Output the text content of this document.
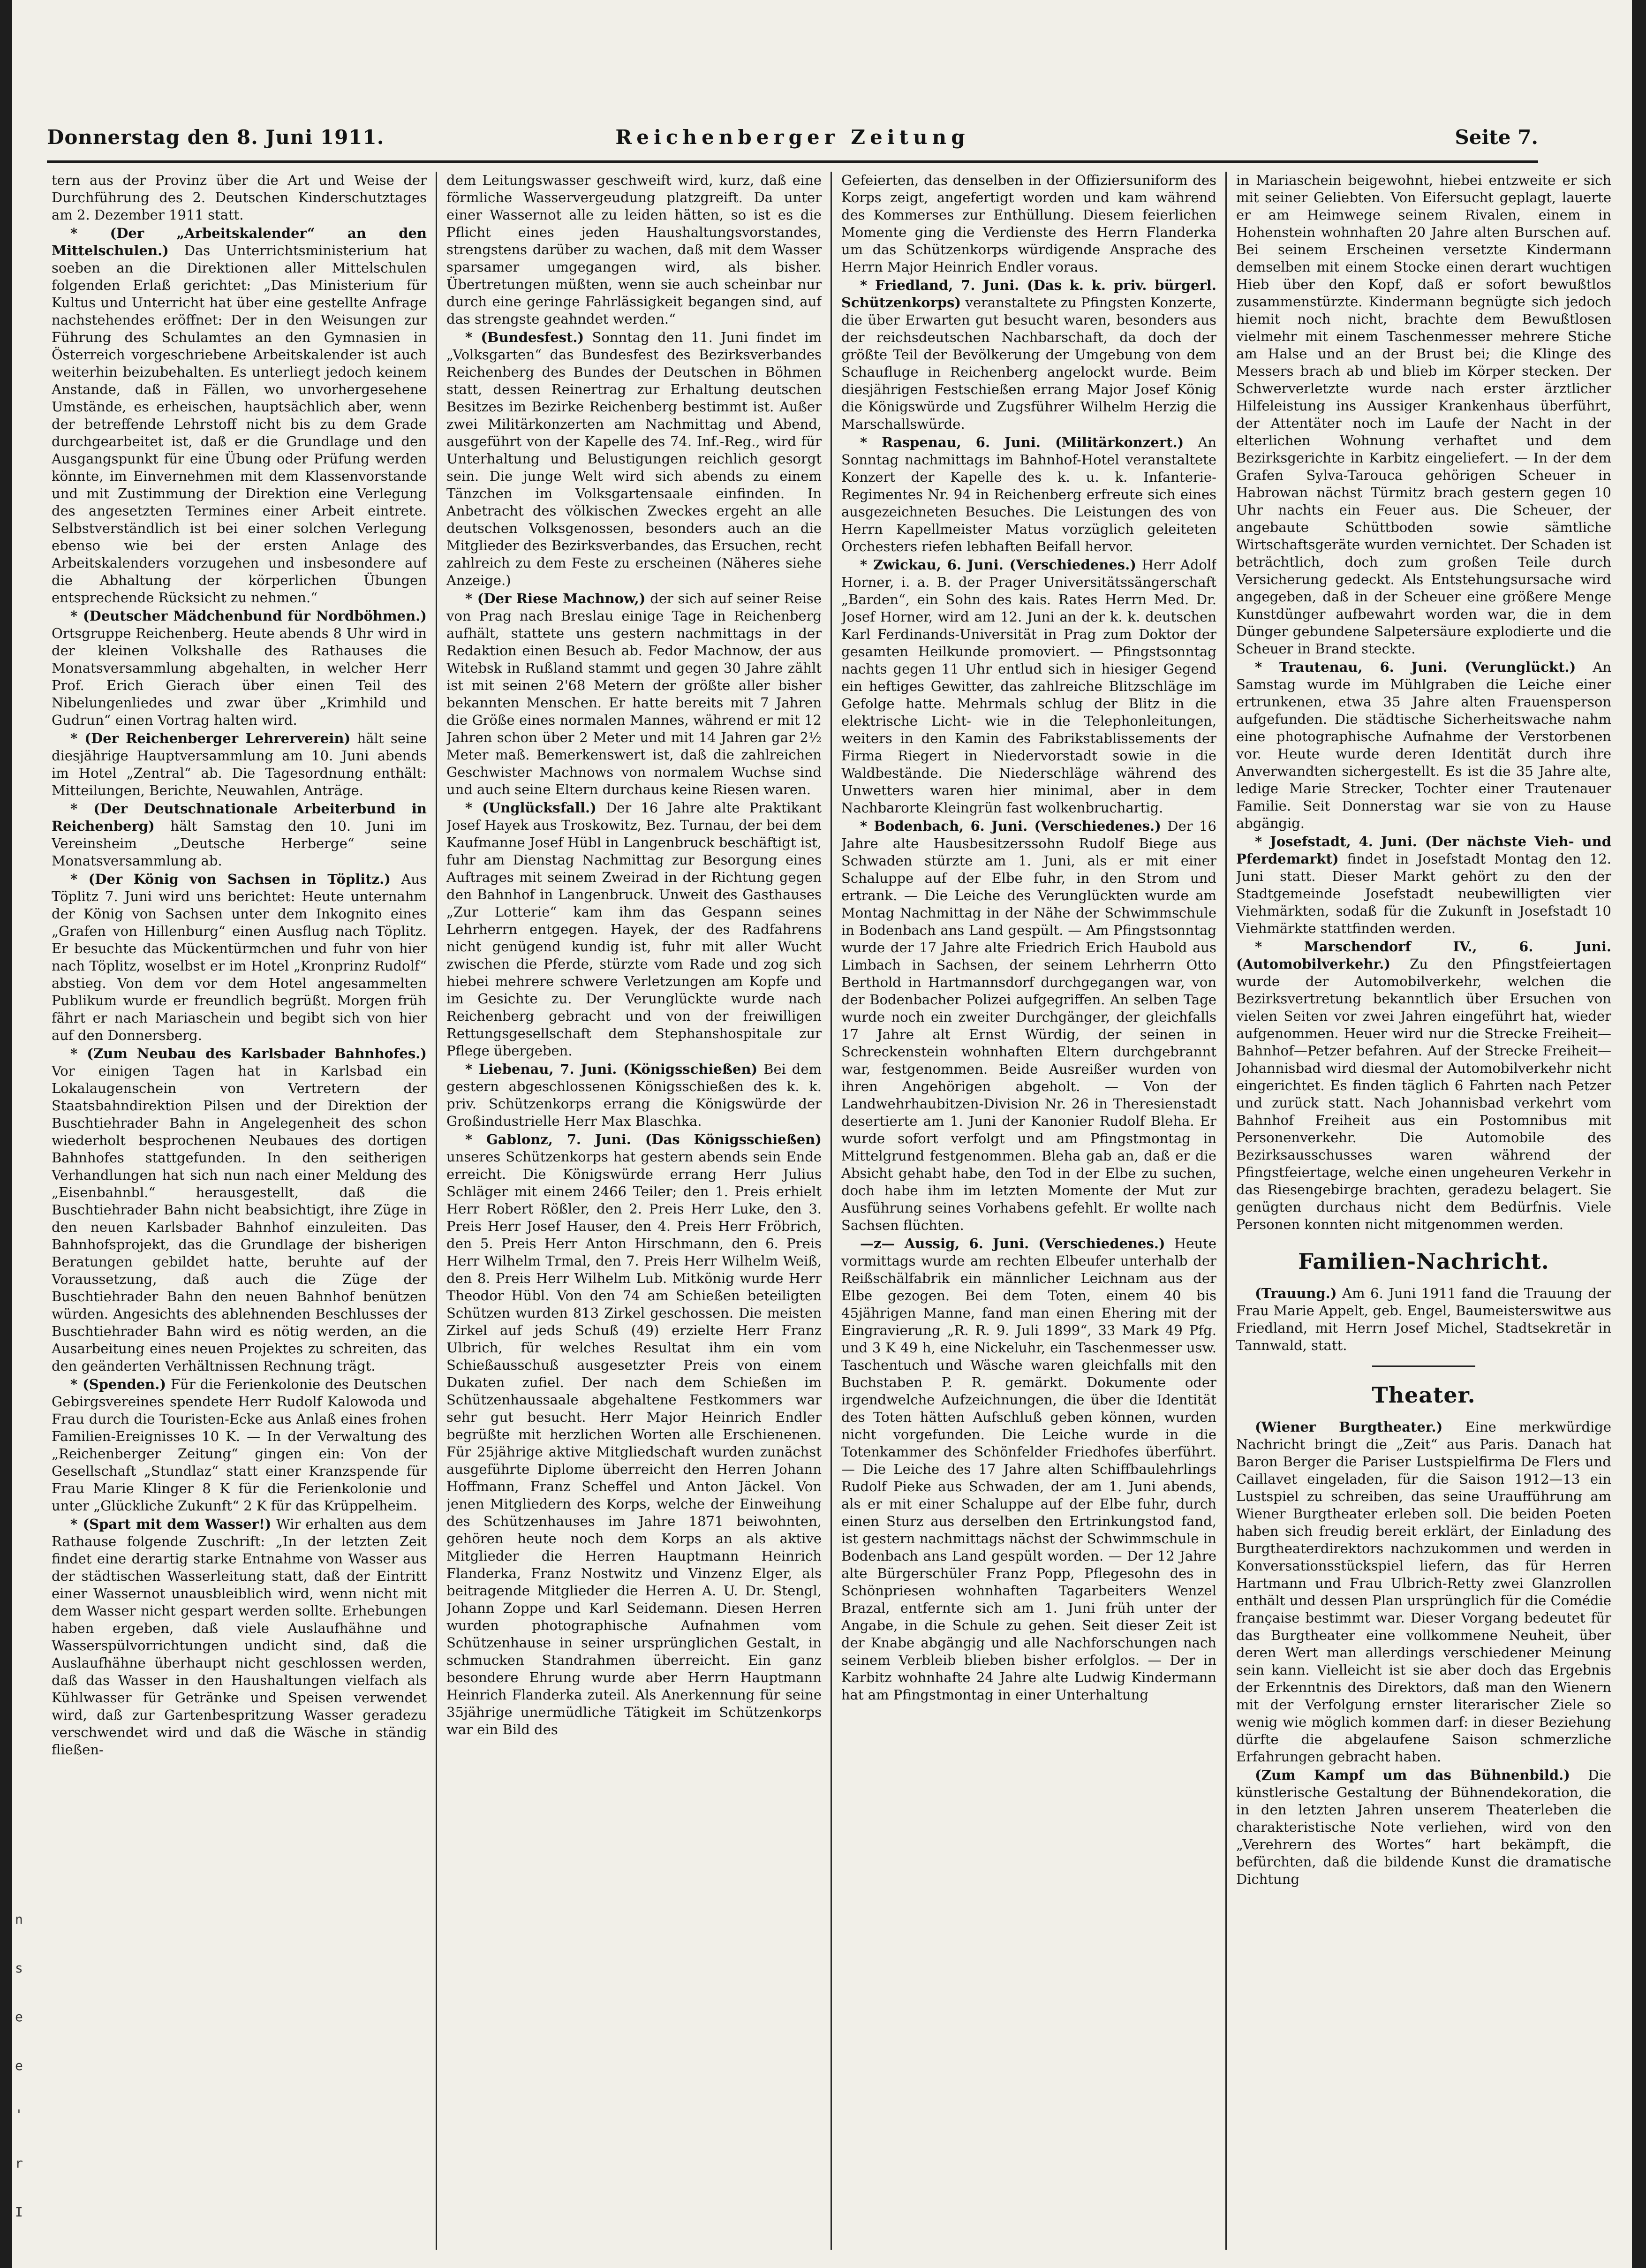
Donnerstag den 8. Juni 1911.	Reichenberger Zeitung	Seite 7.

tern aus der Provinz über die Art und Weise der Durchführung des 2. Deutschen Kinderschutztages am 2. Dezember 1911 statt.

* (Der „Arbeitskalender“ an den Mittelschulen.) Das Unterrichtsministerium hat soeben an die Direktionen aller Mittelschulen folgenden Erlaß gerichtet: „Das Ministerium für Kultus und Unterricht hat über eine gestellte Anfrage nachstehendes eröffnet: Der in den Weisungen zur Führung des Schulamtes an den Gymnasien in Österreich vorgeschriebene Arbeitskalender ist auch weiterhin beizubehalten. Es unterliegt jedoch keinem Anstande, daß in Fällen, wo unvorhergesehene Umstände, es erheischen, hauptsächlich aber, wenn der betreffende Lehrstoff nicht bis zu dem Grade durchgearbeitet ist, daß er die Grundlage und den Ausgangspunkt für eine Übung oder Prüfung werden könnte, im Einvernehmen mit dem Klassenvorstande und mit Zustimmung der Direktion eine Verlegung des angesetzten Termines einer Arbeit eintrete. Selbstverständlich ist bei einer solchen Verlegung ebenso wie bei der ersten Anlage des Arbeitskalenders vorzugehen und insbesondere auf die Abhaltung der körperlichen Übungen entsprechende Rücksicht zu nehmen.“

* (Deutscher Mädchenbund für Nordböhmen.) Ortsgruppe Reichenberg. Heute abends 8 Uhr wird in der kleinen Volkshalle des Rathauses die Monatsversammlung abgehalten, in welcher Herr Prof. Erich Gierach über einen Teil des Nibelungenliedes und zwar über „Krimhild und Gudrun“ einen Vortrag halten wird.

* (Der Reichenberger Lehrerverein) hält seine diesjährige Hauptversammlung am 10. Juni abends im Hotel „Zentral“ ab. Die Tagesordnung enthält: Mitteilungen, Berichte, Neuwahlen, Anträge.

* (Der Deutschnationale Arbeiterbund in Reichenberg) hält Samstag den 10. Juni im Vereinsheim „Deutsche Herberge“ seine Monatsversammlung ab.

* (Der König von Sachsen in Töplitz.) Aus Töplitz 7. Juni wird uns berichtet: Heute unternahm der König von Sachsen unter dem Inkognito eines „Grafen von Hillenburg“ einen Ausflug nach Töplitz. Er besuchte das Mückentürmchen und fuhr von hier nach Töplitz, woselbst er im Hotel „Kronprinz Rudolf“ abstieg. Von dem vor dem Hotel angesammelten Publikum wurde er freundlich begrüßt. Morgen früh fährt er nach Mariaschein und begibt sich von hier auf den Donnersberg.

* (Zum Neubau des Karlsbader Bahnhofes.) Vor einigen Tagen hat in Karlsbad ein Lokalaugenschein von Vertretern der Staatsbahndirektion Pilsen und der Direktion der Buschtiehrader Bahn in Angelegenheit des schon wiederholt besprochenen Neubaues des dortigen Bahnhofes stattgefunden. In den seitherigen Verhandlungen hat sich nun nach einer Meldung des „Eisenbahnbl.“ herausgestellt, daß die Buschtiehrader Bahn nicht beabsichtigt, ihre Züge in den neuen Karlsbader Bahnhof einzuleiten. Das Bahnhofsprojekt, das die Grundlage der bisherigen Beratungen gebildet hatte, beruhte auf der Voraussetzung, daß auch die Züge der Buschtiehrader Bahn den neuen Bahnhof benützen würden. Angesichts des ablehnenden Beschlusses der Buschtiehrader Bahn wird es nötig werden, an die Ausarbeitung eines neuen Projektes zu schreiten, das den geänderten Verhältnissen Rechnung trägt.

* (Spenden.) Für die Ferienkolonie des Deutschen Gebirgsvereines spendete Herr Rudolf Kalowoda und Frau durch die Touristen-Ecke aus Anlaß eines frohen Familien-Ereignisses 10 K. — In der Verwaltung des „Reichenberger Zeitung“ gingen ein: Von der Gesellschaft „Stundlaz“ statt einer Kranzspende für Frau Marie Klinger 8 K für die Ferienkolonie und unter „Glückliche Zukunft“ 2 K für das Krüppelheim.

* (Spart mit dem Wasser!) Wir erhalten aus dem Rathause folgende Zuschrift: „In der letzten Zeit findet eine derartig starke Entnahme von Wasser aus der städtischen Wasserleitung statt, daß der Eintritt einer Wassernot unausbleiblich wird, wenn nicht mit dem Wasser nicht gespart werden sollte. Erhebungen haben ergeben, daß viele Auslaufhähne und Wasserspülvorrichtungen undicht sind, daß die Auslaufhähne überhaupt nicht geschlossen werden, daß das Wasser in den Haushaltungen vielfach als Kühlwasser für Getränke und Speisen verwendet wird, daß zur Gartenbespritzung Wasser geradezu verschwendet wird und daß die Wäsche in ständig fließen-

dem Leitungswasser geschweift wird, kurz, daß eine förmliche Wasservergeudung platzgreift. Da unter einer Wassernot alle zu leiden hätten, so ist es die Pflicht eines jeden Haushaltungsvorstandes, strengstens darüber zu wachen, daß mit dem Wasser sparsamer umgegangen wird, als bisher. Übertretungen müßten, wenn sie auch scheinbar nur durch eine geringe Fahrlässigkeit begangen sind, auf das strengste geahndet werden.“

* (Bundesfest.) Sonntag den 11. Juni findet im „Volksgarten“ das Bundesfest des Bezirksverbandes Reichenberg des Bundes der Deutschen in Böhmen statt, dessen Reinertrag zur Erhaltung deutschen Besitzes im Bezirke Reichenberg bestimmt ist. Außer zwei Militärkonzerten am Nachmittag und Abend, ausgeführt von der Kapelle des 74. Inf.-Reg., wird für Unterhaltung und Belustigungen reichlich gesorgt sein. Die junge Welt wird sich abends zu einem Tänzchen im Volksgartensaale einfinden. In Anbetracht des völkischen Zweckes ergeht an alle deutschen Volksgenossen, besonders auch an die Mitglieder des Bezirksverbandes, das Ersuchen, recht zahlreich zu dem Feste zu erscheinen (Näheres siehe Anzeige.)

* (Der Riese Machnow,) der sich auf seiner Reise von Prag nach Breslau einige Tage in Reichenberg aufhält, stattete uns gestern nachmittags in der Redaktion einen Besuch ab. Fedor Machnow, der aus Witebsk in Rußland stammt und gegen 30 Jahre zählt ist mit seinen 2'68 Metern der größte aller bisher bekannten Menschen. Er hatte bereits mit 7 Jahren die Größe eines normalen Mannes, während er mit 12 Jahren schon über 2 Meter und mit 14 Jahren gar 2½ Meter maß. Bemerkenswert ist, daß die zahlreichen Geschwister Machnows von normalem Wuchse sind und auch seine Eltern durchaus keine Riesen waren.

* (Unglücksfall.) Der 16 Jahre alte Praktikant Josef Hayek aus Troskowitz, Bez. Turnau, der bei dem Kaufmanne Josef Hübl in Langenbruck beschäftigt ist, fuhr am Dienstag Nachmittag zur Besorgung eines Auftrages mit seinem Zweirad in der Richtung gegen den Bahnhof in Langenbruck. Unweit des Gasthauses „Zur Lotterie“ kam ihm das Gespann seines Lehrherrn entgegen. Hayek, der des Radfahrens nicht genügend kundig ist, fuhr mit aller Wucht zwischen die Pferde, stürzte vom Rade und zog sich hiebei mehrere schwere Verletzungen am Kopfe und im Gesichte zu. Der Verunglückte wurde nach Reichenberg gebracht und von der freiwilligen Rettungsgesellschaft dem Stephanshospitale zur Pflege übergeben.

* Liebenau, 7. Juni. (Königsschießen) Bei dem gestern abgeschlossenen Königsschießen des k. k. priv. Schützenkorps errang die Königswürde der Großindustrielle Herr Max Blaschka.

* Gablonz, 7. Juni. (Das Königsschießen) unseres Schützenkorps hat gestern abends sein Ende erreicht. Die Königswürde errang Herr Julius Schläger mit einem 2466 Teiler; den 1. Preis erhielt Herr Robert Rößler, den 2. Preis Herr Luke, den 3. Preis Herr Josef Hauser, den 4. Preis Herr Fröbrich, den 5. Preis Herr Anton Hirschmann, den 6. Preis Herr Wilhelm Trmal, den 7. Preis Herr Wilhelm Weiß, den 8. Preis Herr Wilhelm Lub. Mitkönig wurde Herr Theodor Hübl. Von den 74 am Schießen beteiligten Schützen wurden 813 Zirkel geschossen. Die meisten Zirkel auf jeds Schuß (49) erzielte Herr Franz Ulbrich, für welches Resultat ihm ein vom Schießausschuß ausgesetzter Preis von einem Dukaten zufiel. Der nach dem Schießen im Schützenhaussaale abgehaltene Festkommers war sehr gut besucht. Herr Major Heinrich Endler begrüßte mit herzlichen Worten alle Erschienenen. Für 25jährige aktive Mitgliedschaft wurden zunächst ausgeführte Diplome überreicht den Herren Johann Hoffmann, Franz Scheffel und Anton Jäckel. Von jenen Mitgliedern des Korps, welche der Einweihung des Schützenhauses im Jahre 1871 beiwohnten, gehören heute noch dem Korps an als aktive Mitglieder die Herren Hauptmann Heinrich Flanderka, Franz Nostwitz und Vinzenz Elger, als beitragende Mitglieder die Herren A. U. Dr. Stengl, Johann Zoppe und Karl Seidemann. Diesen Herren wurden photographische Aufnahmen vom Schützenhause in seiner ursprünglichen Gestalt, in schmucken Standrahmen überreicht. Ein ganz besondere Ehrung wurde aber Herrn Hauptmann Heinrich Flanderka zuteil. Als Anerkennung für seine 35jährige unermüdliche Tätigkeit im Schützenkorps war ein Bild des

Gefeierten, das denselben in der Offiziersuniform des Korps zeigt, angefertigt worden und kam während des Kommerses zur Enthüllung. Diesem feierlichen Momente ging die Verdienste des Herrn Flanderka um das Schützenkorps würdigende Ansprache des Herrn Major Heinrich Endler voraus.

* Friedland, 7. Juni. (Das k. k. priv. bürgerl. Schützenkorps) veranstaltete zu Pfingsten Konzerte, die über Erwarten gut besucht waren, besonders aus der reichsdeutschen Nachbarschaft, da doch der größte Teil der Bevölkerung der Umgebung von dem Schaufluge in Reichenberg angelockt wurde. Beim diesjährigen Festschießen errang Major Josef König die Königswürde und Zugsführer Wilhelm Herzig die Marschallswürde.

* Raspenau, 6. Juni. (Militärkonzert.) An Sonntag nachmittags im Bahnhof-Hotel veranstaltete Konzert der Kapelle des k. u. k. Infanterie-Regimentes Nr. 94 in Reichenberg erfreute sich eines ausgezeichneten Besuches. Die Leistungen des von Herrn Kapellmeister Matus vorzüglich geleiteten Orchesters riefen lebhaften Beifall hervor.

* Zwickau, 6. Juni. (Verschiedenes.) Herr Adolf Horner, i. a. B. der Prager Universitätssängerschaft „Barden“, ein Sohn des kais. Rates Herrn Med. Dr. Josef Horner, wird am 12. Juni an der k. k. deutschen Karl Ferdinands-Universität in Prag zum Doktor der gesamten Heilkunde promoviert. — Pfingstsonntag nachts gegen 11 Uhr entlud sich in hiesiger Gegend ein heftiges Gewitter, das zahlreiche Blitzschläge im Gefolge hatte. Mehrmals schlug der Blitz in die elektrische Licht- wie in die Telephonleitungen, weiters in den Kamin des Fabrikstablissements der Firma Riegert in Niedervorstadt sowie in die Waldbestände. Die Niederschläge während des Unwetters waren hier minimal, aber in dem Nachbarorte Kleingrün fast wolkenbruchartig.

* Bodenbach, 6. Juni. (Verschiedenes.) Der 16 Jahre alte Hausbesitzerssohn Rudolf Biege aus Schwaden stürzte am 1. Juni, als er mit einer Schaluppe auf der Elbe fuhr, in den Strom und ertrank. — Die Leiche des Verunglückten wurde am Montag Nachmittag in der Nähe der Schwimmschule in Bodenbach ans Land gespült. — Am Pfingstsonntag wurde der 17 Jahre alte Friedrich Erich Haubold aus Limbach in Sachsen, der seinem Lehrherrn Otto Berthold in Hartmannsdorf durchgegangen war, von der Bodenbacher Polizei aufgegriffen. An selben Tage wurde noch ein zweiter Durchgänger, der gleichfalls 17 Jahre alt Ernst Würdig, der seinen in Schreckenstein wohnhaften Eltern durchgebrannt war, festgenommen. Beide Ausreißer wurden von ihren Angehörigen abgeholt. — Von der Landwehrhaubitzen-Division Nr. 26 in Theresienstadt desertierte am 1. Juni der Kanonier Rudolf Bleha. Er wurde sofort verfolgt und am Pfingstmontag in Mittelgrund festgenommen. Bleha gab an, daß er die Absicht gehabt habe, den Tod in der Elbe zu suchen, doch habe ihm im letzten Momente der Mut zur Ausführung seines Vorhabens gefehlt. Er wollte nach Sachsen flüchten.

—z— Aussig, 6. Juni. (Verschiedenes.) Heute vormittags wurde am rechten Elbeufer unterhalb der Reißschälfabrik ein männlicher Leichnam aus der Elbe gezogen. Bei dem Toten, einem 40 bis 45jährigen Manne, fand man einen Ehering mit der Eingravierung „R. R. 9. Juli 1899“, 33 Mark 49 Pfg. und 3 K 49 h, eine Nickeluhr, ein Taschenmesser usw. Taschentuch und Wäsche waren gleichfalls mit den Buchstaben P. R. gemärkt. Dokumente oder irgendwelche Aufzeichnungen, die über die Identität des Toten hätten Aufschluß geben können, wurden nicht vorgefunden. Die Leiche wurde in die Totenkammer des Schönfelder Friedhofes überführt. — Die Leiche des 17 Jahre alten Schiffbaulehrlings Rudolf Pieke aus Schwaden, der am 1. Juni abends, als er mit einer Schaluppe auf der Elbe fuhr, durch einen Sturz aus derselben den Ertrinkungstod fand, ist gestern nachmittags nächst der Schwimmschule in Bodenbach ans Land gespült worden. — Der 12 Jahre alte Bürgerschüler Franz Popp, Pflegesohn des in Schönpriesen wohnhaften Tagarbeiters Wenzel Brazal, entfernte sich am 1. Juni früh unter der Angabe, in die Schule zu gehen. Seit dieser Zeit ist der Knabe abgängig und alle Nachforschungen nach seinem Verbleib blieben bisher erfolglos. — Der in Karbitz wohnhafte 24 Jahre alte Ludwig Kindermann hat am Pfingstmontag in einer Unterhaltung

in Mariaschein beigewohnt, hiebei entzweite er sich mit seiner Geliebten. Von Eifersucht geplagt, lauerte er am Heimwege seinem Rivalen, einem in Hohenstein wohnhaften 20 Jahre alten Burschen auf. Bei seinem Erscheinen versetzte Kindermann demselben mit einem Stocke einen derart wuchtigen Hieb über den Kopf, daß er sofort bewußtlos zusammenstürzte. Kindermann begnügte sich jedoch hiemit noch nicht, brachte dem Bewußtlosen vielmehr mit einem Taschenmesser mehrere Stiche am Halse und an der Brust bei; die Klinge des Messers brach ab und blieb im Körper stecken. Der Schwerverletzte wurde nach erster ärztlicher Hilfeleistung ins Aussiger Krankenhaus überführt, der Attentäter noch im Laufe der Nacht in der elterlichen Wohnung verhaftet und dem Bezirksgerichte in Karbitz eingeliefert. — In der dem Grafen Sylva-Tarouca gehörigen Scheuer in Habrowan nächst Türmitz brach gestern gegen 10 Uhr nachts ein Feuer aus. Die Scheuer, der angebaute Schüttboden sowie sämtliche Wirtschaftsgeräte wurden vernichtet. Der Schaden ist beträchtlich, doch zum großen Teile durch Versicherung gedeckt. Als Entstehungsursache wird angegeben, daß in der Scheuer eine größere Menge Kunstdünger aufbewahrt worden war, die in dem Dünger gebundene Salpetersäure explodierte und die Scheuer in Brand steckte.

* Trautenau, 6. Juni. (Verunglückt.) An Samstag wurde im Mühlgraben die Leiche einer ertrunkenen, etwa 35 Jahre alten Frauensperson aufgefunden. Die städtische Sicherheitswache nahm eine photographische Aufnahme der Verstorbenen vor. Heute wurde deren Identität durch ihre Anverwandten sichergestellt. Es ist die 35 Jahre alte, ledige Marie Strecker, Tochter einer Trautenauer Familie. Seit Donnerstag war sie von zu Hause abgängig.

* Josefstadt, 4. Juni. (Der nächste Vieh- und Pferdemarkt) findet in Josefstadt Montag den 12. Juni statt. Dieser Markt gehört zu den der Stadtgemeinde Josefstadt neubewilligten vier Viehmärkten, sodaß für die Zukunft in Josefstadt 10 Viehmärkte stattfinden werden.

* Marschendorf IV., 6. Juni. (Automobilverkehr.) Zu den Pfingstfeiertagen wurde der Automobilverkehr, welchen die Bezirksvertretung bekanntlich über Ersuchen von vielen Seiten vor zwei Jahren eingeführt hat, wieder aufgenommen. Heuer wird nur die Strecke Freiheit—Bahnhof—Petzer befahren. Auf der Strecke Freiheit—Johannisbad wird diesmal der Automobilverkehr nicht eingerichtet. Es finden täglich 6 Fahrten nach Petzer und zurück statt. Nach Johannisbad verkehrt vom Bahnhof Freiheit aus ein Postomnibus mit Personenverkehr. Die Automobile des Bezirksausschusses waren während der Pfingstfeiertage, welche einen ungeheuren Verkehr in das Riesengebirge brachten, geradezu belagert. Sie genügten durchaus nicht dem Bedürfnis. Viele Personen konnten nicht mitgenommen werden.

Familien-Nachricht.

(Trauung.) Am 6. Juni 1911 fand die Trauung der Frau Marie Appelt, geb. Engel, Baumeisterswitwe aus Friedland, mit Herrn Josef Michel, Stadtsekretär in Tannwald, statt.

Theater.

(Wiener Burgtheater.) Eine merkwürdige Nachricht bringt die „Zeit“ aus Paris. Danach hat Baron Berger die Pariser Lustspielfirma De Flers und Caillavet eingeladen, für die Saison 1912—13 ein Lustspiel zu schreiben, das seine Uraufführung am Wiener Burgtheater erleben soll. Die beiden Poeten haben sich freudig bereit erklärt, der Einladung des Burgtheaterdirektors nachzukommen und werden in Konversationsstückspiel liefern, das für Herren Hartmann und Frau Ulbrich-Retty zwei Glanzrollen enthält und dessen Plan ursprünglich für die Comédie française bestimmt war. Dieser Vorgang bedeutet für das Burgtheater eine vollkommene Neuheit, über deren Wert man allerdings verschiedener Meinung sein kann. Vielleicht ist sie aber doch das Ergebnis der Erkenntnis des Direktors, daß man den Wienern mit der Verfolgung ernster literarischer Ziele so wenig wie möglich kommen darf: in dieser Beziehung dürfte die abgelaufene Saison schmerzliche Erfahrungen gebracht haben.

(Zum Kampf um das Bühnenbild.) Die künstlerische Gestaltung der Bühnendekoration, die in den letzten Jahren unserem Theaterleben die charakteristische Note verliehen, wird von den „Verehrern des Wortes“ hart bekämpft, die befürchten, daß die bildende Kunst die dramatische Dichtung

n
s
e
e
'
r
I
